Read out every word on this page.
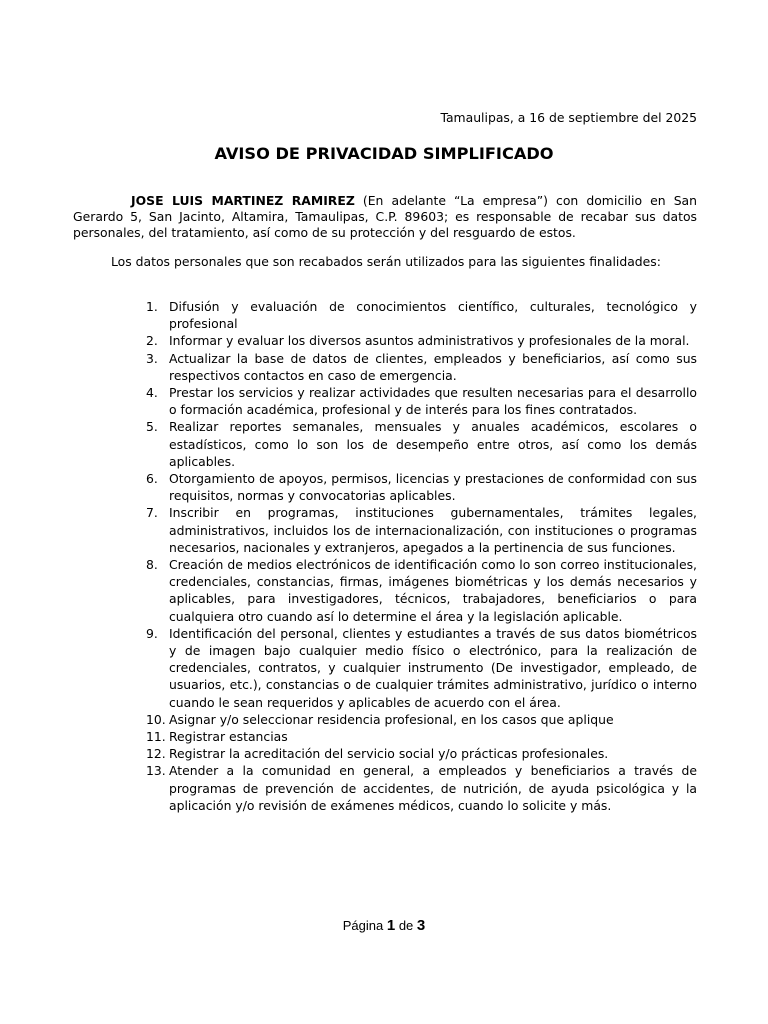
Tamaulipas, a 16 de septiembre del 2025
AVISO DE PRIVACIDAD SIMPLIFICADO

JOSE LUIS MARTINEZ RAMIREZ (En adelante “La empresa”) con domicilio en San Gerardo 5, San Jacinto, Altamira, Tamaulipas, C.P. 89603; es responsable de recabar sus datos personales, del tratamiento, así como de su protección y del resguardo de estos.

Los datos personales que son recabados serán utilizados para las siguientes finalidades:

1. Difusión y evaluación de conocimientos científico, culturales, tecnológico y profesional
2. Informar y evaluar los diversos asuntos administrativos y profesionales de la moral.
3. Actualizar la base de datos de clientes, empleados y beneficiarios, así como sus respectivos contactos en caso de emergencia.
4. Prestar los servicios y realizar actividades que resulten necesarias para el desarrollo o formación académica, profesional y de interés para los fines contratados.
5. Realizar reportes semanales, mensuales y anuales académicos, escolares o estadísticos, como lo son los de desempeño entre otros, así como los demás aplicables.
6. Otorgamiento de apoyos, permisos, licencias y prestaciones de conformidad con sus requisitos, normas y convocatorias aplicables.
7. Inscribir en programas, instituciones gubernamentales, trámites legales, administrativos, incluidos los de internacionalización, con instituciones o programas necesarios, nacionales y extranjeros, apegados a la pertinencia de sus funciones.
8. Creación de medios electrónicos de identificación como lo son correo institucionales, credenciales, constancias, firmas, imágenes biométricas y los demás necesarios y aplicables, para investigadores, técnicos, trabajadores, beneficiarios o para cualquiera otro cuando así lo determine el área y la legislación aplicable.
9. Identificación del personal, clientes y estudiantes a través de sus datos biométricos y de imagen bajo cualquier medio físico o electrónico, para la realización de credenciales, contratos, y cualquier instrumento (De investigador, empleado, de usuarios, etc.), constancias o de cualquier trámites administrativo, jurídico o interno cuando le sean requeridos y aplicables de acuerdo con el área.
10. Asignar y/o seleccionar residencia profesional, en los casos que aplique
11. Registrar estancias
12. Registrar la acreditación del servicio social y/o prácticas profesionales.
13. Atender a la comunidad en general, a empleados y beneficiarios a través de programas de prevención de accidentes, de nutrición, de ayuda psicológica y la aplicación y/o revisión de exámenes médicos, cuando lo solicite y más.
Página 1 de 3
